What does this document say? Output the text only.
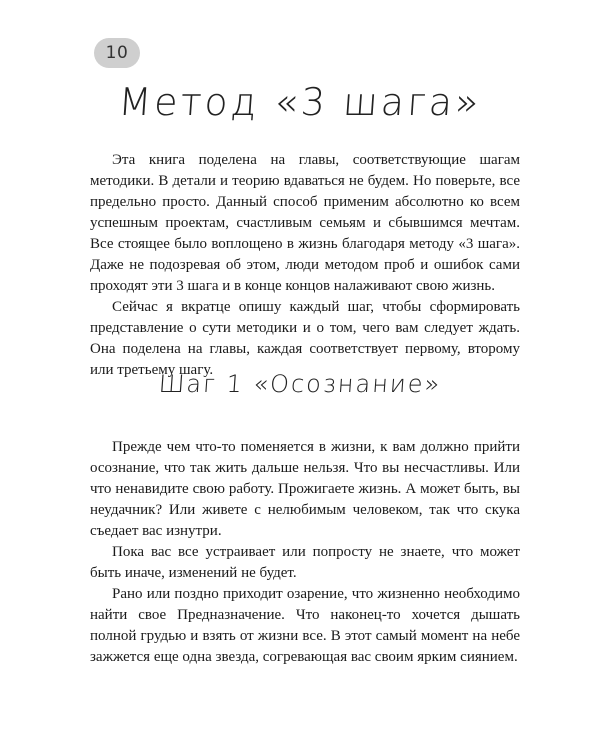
10
Метод «3 шага»

Эта книга поделена на главы, соответствующие шагам методики. В детали и теорию вдаваться не будем. Но поверьте, все предельно просто. Данный способ применим абсолютно ко всем успешным проектам, счастливым семьям и сбывшимся мечтам. Все стоящее было воплощено в жизнь благодаря методу «3 шага». Даже не подозревая об этом, люди методом проб и ошибок сами проходят эти 3 шага и в конце концов налаживают свою жизнь.

Сейчас я вкратце опишу каждый шаг, чтобы сформировать представление о сути методики и о том, чего вам следует ждать. Она поделена на главы, каждая соответствует первому, второму или третьему шагу.

Шаг 1 «Осознание»

Прежде чем что-то поменяется в жизни, к вам должно прийти осознание, что так жить дальше нельзя. Что вы несчастливы. Или что ненавидите свою работу. Прожигаете жизнь. А может быть, вы неудачник? Или живете с нелюбимым человеком, так что скука съедает вас изнутри.

Пока вас все устраивает или попросту не знаете, что может быть иначе, изменений не будет.

Рано или поздно приходит озарение, что жизненно необходимо найти свое Предназначение. Что наконец-то хочется дышать полной грудью и взять от жизни все. В этот самый момент на небе зажжется еще одна звезда, согревающая вас своим ярким сиянием.
